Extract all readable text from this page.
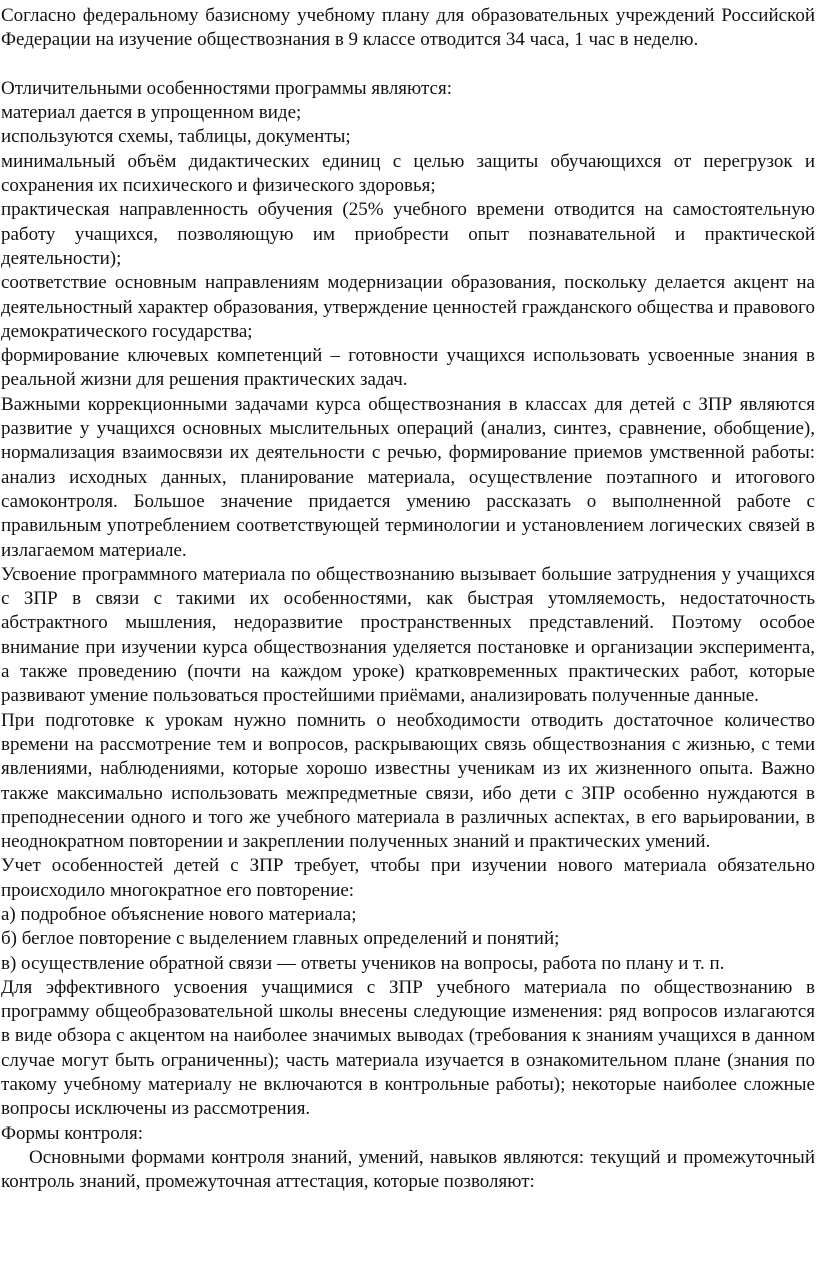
Согласно федеральному базисному учебному плану для образовательных учреждений Российской Федерации на изучение обществознания в 9 классе отводится 34 часа, 1 час в неделю.

Отличительными особенностями программы являются:

материал дается в упрощенном виде;

используются схемы, таблицы, документы;

минимальный объём дидактических единиц с целью защиты обучающихся от перегрузок и сохранения их психического и физического здоровья;

практическая направленность обучения (25% учебного времени отводится на самостоятельную работу учащихся, позволяющую им приобрести опыт познавательной и практической деятельности);

соответствие основным направлениям модернизации образования, поскольку делается акцент на деятельностный характер образования, утверждение ценностей гражданского общества и правового демократического государства;

формирование ключевых компетенций – готовности учащихся использовать усвоенные знания в реальной жизни для решения практических задач.

Важными коррекционными задачами курса обществознания в классах для детей с ЗПР являются развитие у учащихся основных мыслительных операций (анализ, синтез, сравнение, обобщение), нормализация взаимосвязи их деятельности с речью, формирование приемов умственной работы: анализ исходных данных, планирование материала, осуществление поэтапного и итогового самоконтроля. Большое значение придается умению рассказать о выполненной работе с правильным употреблением соответствующей терминологии и установлением логических связей в излагаемом материале.

Усвоение программного материала по обществознанию вызывает большие затруднения у учащихся с ЗПР в связи с такими их особенностями, как быстрая утомляемость, недостаточность абстрактного мышления, недоразвитие пространственных представлений. Поэтому особое внимание при изучении курса обществознания уделяется постановке и организации эксперимента, а также проведению (почти на каждом уроке) кратковременных практических работ, которые развивают умение пользоваться простейшими приёмами, анализировать полученные данные.

При подготовке к урокам нужно помнить о необходимости отводить достаточное количество времени на рассмотрение тем и вопросов, раскрывающих связь обществознания с жизнью, с теми явлениями, наблюдениями, которые хорошо известны ученикам из их жизненного опыта. Важно также максимально использовать межпредметные связи, ибо дети с ЗПР особенно нуждаются в преподнесении одного и того же учебного материала в различных аспектах, в его варьировании, в неоднократном повторении и закреплении полученных знаний и практических умений.

Учет особенностей детей с ЗПР требует, чтобы при изучении нового материала обязательно происходило многократное его повторение:

а) подробное объяснение нового материала;

б) беглое повторение с выделением главных определений и понятий;

в) осуществление обратной связи — ответы учеников на вопросы, работа по плану и т. п.

Для эффективного усвоения учащимися с ЗПР учебного материала по обществознанию в программу общеобразовательной школы внесены следующие изменения: ряд вопросов излагаются в виде обзора с акцентом на наиболее значимых выводах (требования к знаниям учащихся в данном случае могут быть ограниченны); часть материала изучается в ознакомительном плане (знания по такому учебному материалу не включаются в контрольные работы); некоторые наиболее сложные вопросы исключены из рассмотрения.

Формы контроля:

Основными формами контроля знаний, умений, навыков являются: текущий и промежуточный контроль знаний, промежуточная аттестация, которые позволяют:
